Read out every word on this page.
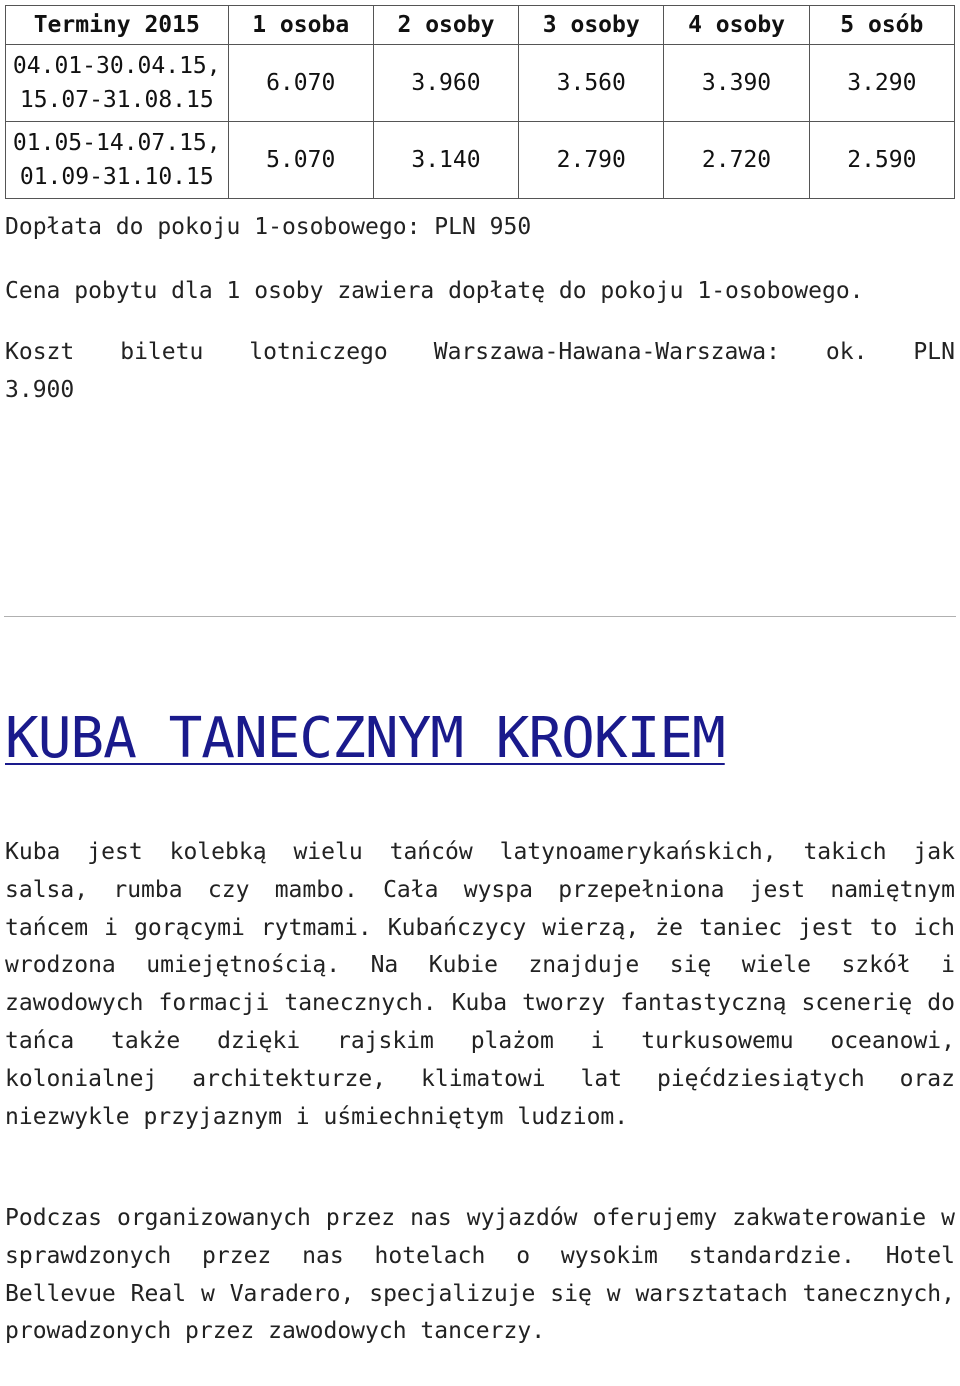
Terminy 2015	1 osoba	2 osoby	3 osoby	4 osoby	5 osób
04.01-30.04.15,
15.07-31.08.15	6.070	3.960	3.560	3.390	3.290
01.05-14.07.15,
01.09-31.10.15	5.070	3.140	2.790	2.720	2.590
Dopłata do pokoju 1-osobowego: PLN 950
Cena pobytu dla 1 osoby zawiera dopłatę do pokoju 1-osobowego.
Koszt biletu lotniczego Warszawa-Hawana-Warszawa: ok. PLN
3.900
KUBA TANECZNYM KROKIEM

Kuba jest kolebką wielu tańców latynoamerykańskich, takich jak salsa, rumba czy mambo. Cała wyspa przepełniona jest namiętnym tańcem i gorącymi rytmami. Kubańczycy wierzą, że taniec jest to ich wrodzona umiejętnością. Na Kubie znajduje się wiele szkół i zawodowych formacji tanecznych. Kuba tworzy fantastyczną scenerię do tańca także dzięki rajskim plażom i turkusowemu oceanowi, kolonialnej architekturze, klimatowi lat pięćdziesiątych oraz niezwykle przyjaznym i uśmiechniętym ludziom.

Podczas organizowanych przez nas wyjazdów oferujemy zakwaterowanie w sprawdzonych przez nas hotelach o wysokim standardzie. Hotel Bellevue Real w Varadero, specjalizuje się w warsztatach tanecznych, prowadzonych przez zawodowych tancerzy.
